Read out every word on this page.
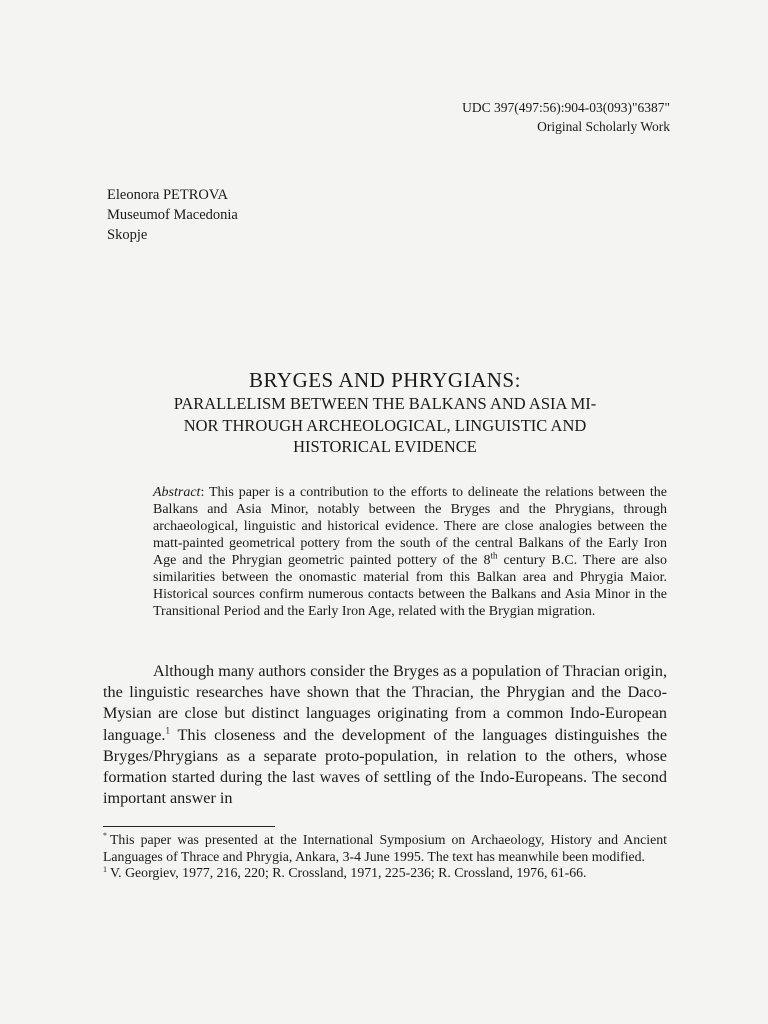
UDC 397(497:56):904-03(093)"6387"
Original Scholarly Work
Eleonora PETROVA
Museumof Macedonia
Skopje
BRYGES AND PHRYGIANS:
PARALLELISM BETWEEN THE BALKANS AND ASIA MI-
NOR THROUGH ARCHEOLOGICAL, LINGUISTIC AND
HISTORICAL EVIDENCE
Abstract: This paper is a contribution to the efforts to delineate the relations between the Balkans and Asia Minor, notably between the Bryges and the Phrygians, through archaeological, linguistic and historical evidence. There are close analogies between the matt-painted geometrical pottery from the south of the central Balkans of the Early Iron Age and the Phrygian geometric painted pottery of the 8th century B.C. There are also similarities between the onomastic material from this Balkan area and Phrygia Maior. Historical sources confirm numerous contacts between the Balkans and Asia Minor in the Transitional Period and the Early Iron Age, related with the Brygian migration.
Although many authors consider the Bryges as a population of Thracian origin, the linguistic researches have shown that the Thracian, the Phrygian and the Daco-Mysian are close but distinct languages originating from a common Indo-European language.$^1$ This closeness and the development of the languages distinguishes the Bryges/Phrygians as a separate proto-population, in relation to the others, whose formation started during the last waves of settling of the Indo-Europeans. The second important answer in

* This paper was presented at the International Symposium on Archaeology, History and Ancient Languages of Thrace and Phrygia, Ankara, 3-4 June 1995. The text has meanwhile been modified.

$^1$ V. Georgiev, 1977, 216, 220; R. Crossland, 1971, 225-236; R. Crossland, 1976, 61-66.
